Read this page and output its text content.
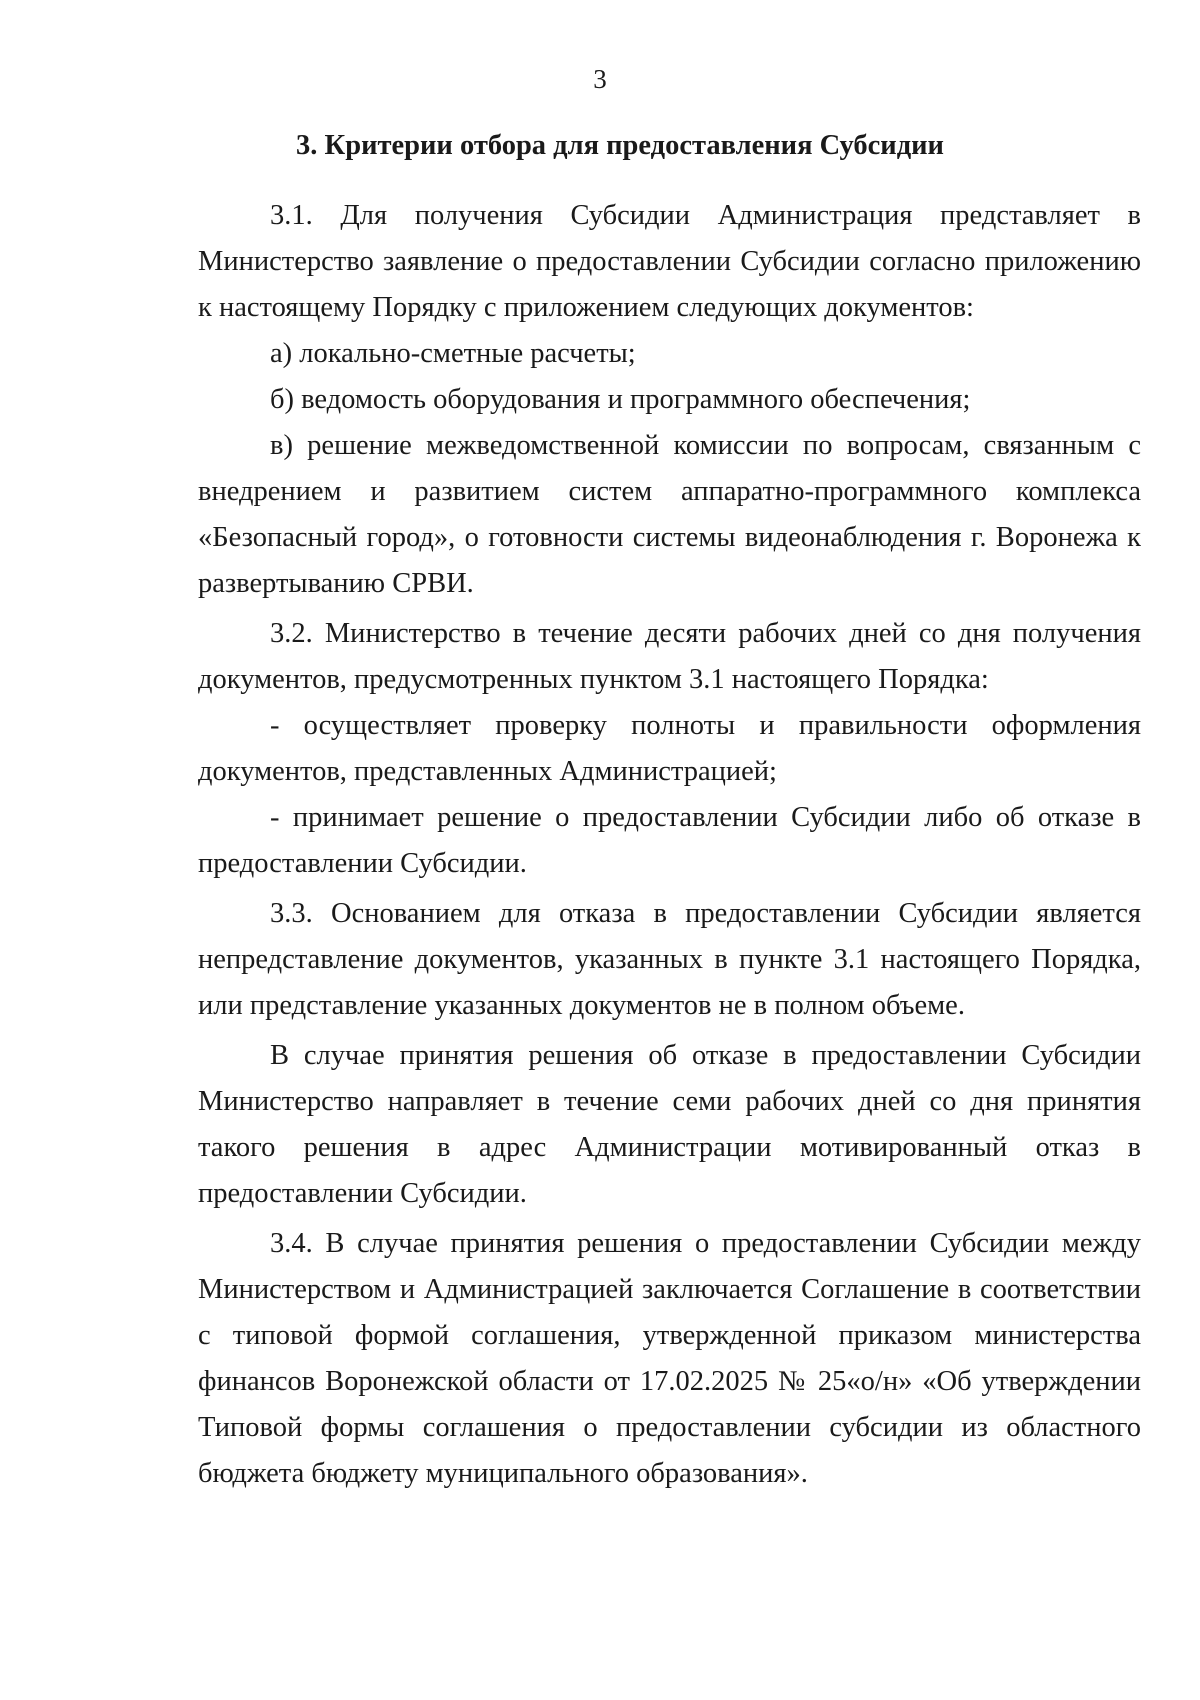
3
3. Критерии отбора для предоставления Субсидии

3.1. Для получения Субсидии Администрация представляет в Министерство заявление о предоставлении Субсидии согласно приложению к настоящему Порядку с приложением следующих документов:

а) локально-сметные расчеты;

б) ведомость оборудования и программного обеспечения;

в) решение межведомственной комиссии по вопросам, связанным с внедрением и развитием систем аппаратно-программного комплекса «Безопасный город», о готовности системы видеонаблюдения г. Воронежа к развертыванию СРВИ.

3.2. Министерство в течение десяти рабочих дней со дня получения документов, предусмотренных пунктом 3.1 настоящего Порядка:

- осуществляет проверку полноты и правильности оформления документов, представленных Администрацией;

- принимает решение о предоставлении Субсидии либо об отказе в предоставлении Субсидии.

3.3. Основанием для отказа в предоставлении Субсидии является непредставление документов, указанных в пункте 3.1 настоящего Порядка, или представление указанных документов не в полном объеме.

В случае принятия решения об отказе в предоставлении Субсидии Министерство направляет в течение семи рабочих дней со дня принятия такого решения в адрес Администрации мотивированный отказ в предоставлении Субсидии.

3.4. В случае принятия решения о предоставлении Субсидии между Министерством и Администрацией заключается Соглашение в соответствии с типовой формой соглашения, утвержденной приказом министерства финансов Воронежской области от 17.02.2025 № 25«о/н» «Об утверждении Типовой формы соглашения о предоставлении субсидии из областного бюджета бюджету муниципального образования».
